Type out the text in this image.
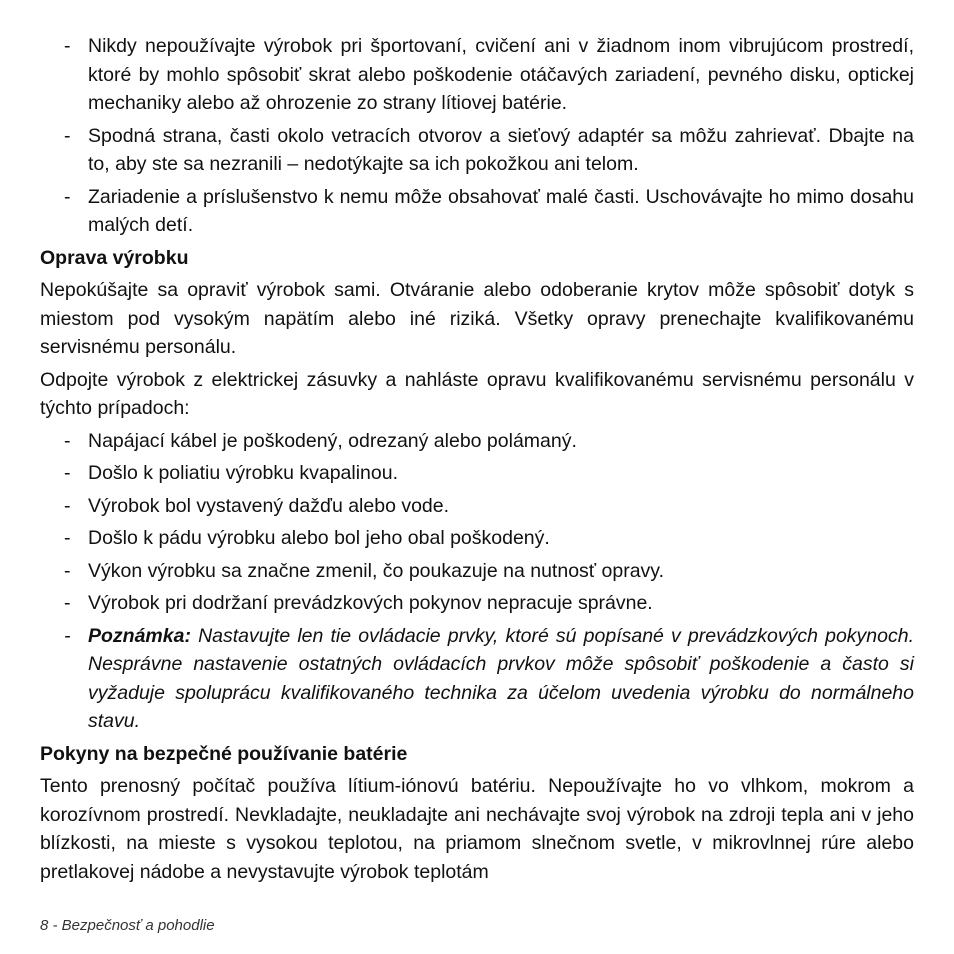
- Nikdy nepoužívajte výrobok pri športovaní, cvičení ani v žiadnom inom vibrujúcom prostredí, ktoré by mohlo spôsobiť skrat alebo poškodenie otáčavých zariadení, pevného disku, optickej mechaniky alebo až ohrozenie zo strany lítiovej batérie.
- Spodná strana, časti okolo vetracích otvorov a sieťový adaptér sa môžu zahrievať. Dbajte na to, aby ste sa nezranili – nedotýkajte sa ich pokožkou ani telom.
- Zariadenie a príslušenstvo k nemu môže obsahovať malé časti. Uschovávajte ho mimo dosahu malých detí.
Oprava výrobku

Nepokúšajte sa opraviť výrobok sami. Otváranie alebo odoberanie krytov môže spôsobiť dotyk s miestom pod vysokým napätím alebo iné riziká. Všetky opravy prenechajte kvalifikovanému servisnému personálu.

Odpojte výrobok z elektrickej zásuvky a nahláste opravu kvalifikovanému servisnému personálu v týchto prípadoch:

- Napájací kábel je poškodený, odrezaný alebo polámaný.
- Došlo k poliatiu výrobku kvapalinou.
- Výrobok bol vystavený dažďu alebo vode.
- Došlo k pádu výrobku alebo bol jeho obal poškodený.
- Výkon výrobku sa značne zmenil, čo poukazuje na nutnosť opravy.
- Výrobok pri dodržaní prevádzkových pokynov nepracuje správne.
- Poznámka: Nastavujte len tie ovládacie prvky, ktoré sú popísané v prevádzkových pokynoch. Nesprávne nastavenie ostatných ovládacích prvkov môže spôsobiť poškodenie a často si vyžaduje spoluprácu kvalifikovaného technika za účelom uvedenia výrobku do normálneho stavu.
Pokyny na bezpečné používanie batérie

Tento prenosný počítač používa lítium-iónovú batériu. Nepoužívajte ho vo vlhkom, mokrom a korozívnom prostredí. Nevkladajte, neukladajte ani nechávajte svoj výrobok na zdroji tepla ani v jeho blízkosti, na mieste s vysokou teplotou, na priamom slnečnom svetle, v mikrovlnnej rúre alebo pretlakovej nádobe a nevystavujte výrobok teplotám

8 - Bezpečnosť a pohodlie
